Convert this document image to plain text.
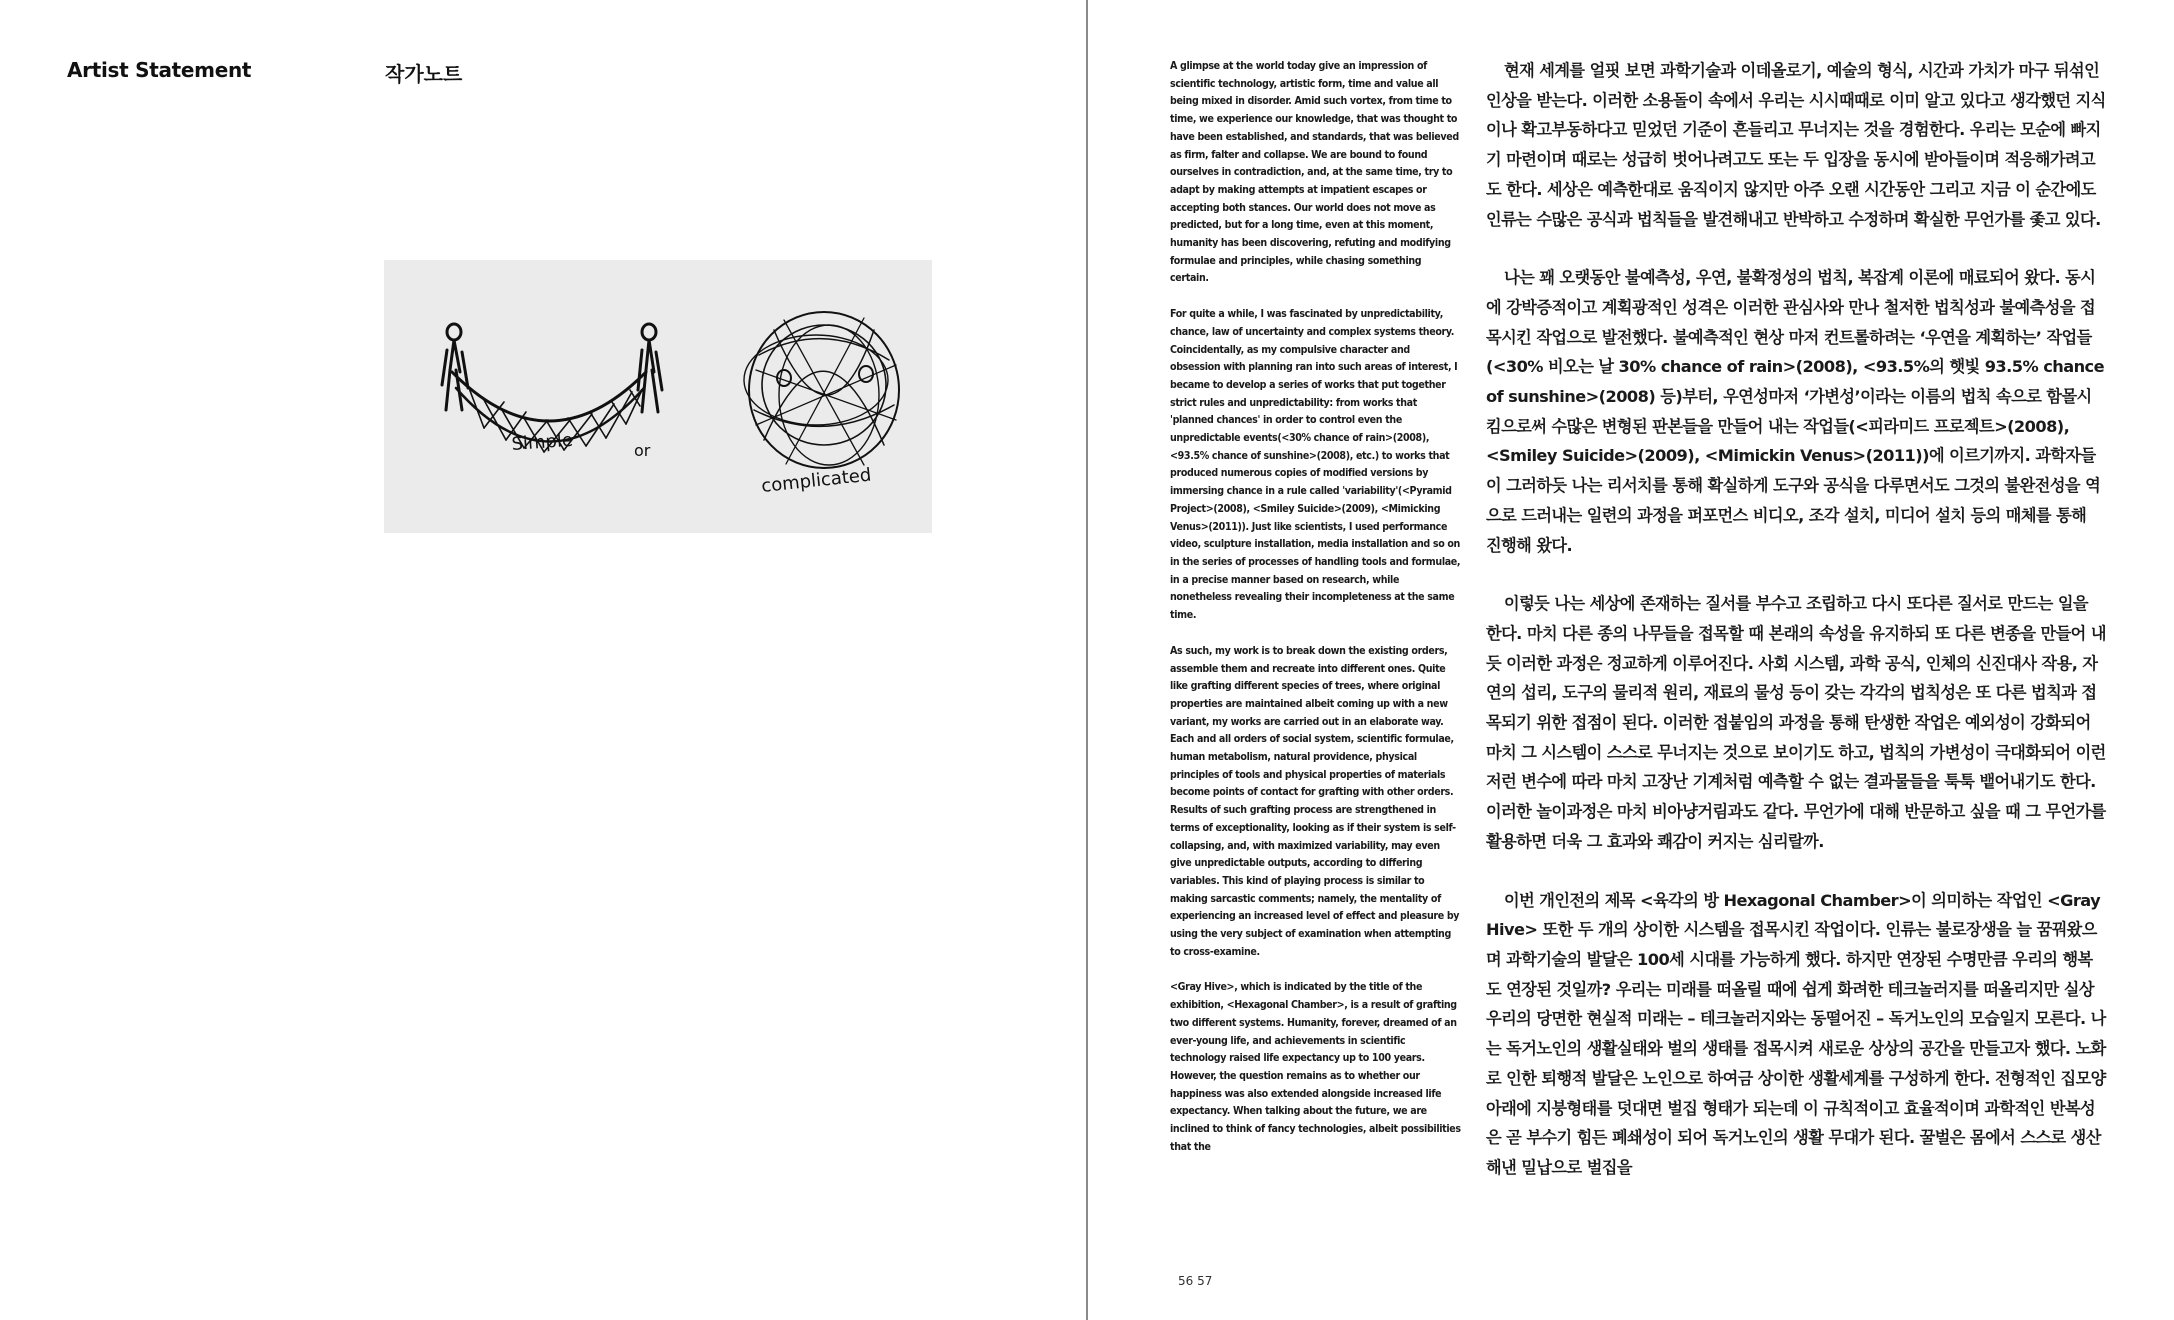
Artist Statement	작가노트
Simple	or
complicated

A glimpse at the world today give an impression of scientific technology, artistic form, time and value all being mixed in disorder. Amid such vortex, from time to time, we experience our knowledge, that was thought to have been established, and standards, that was believed as firm, falter and collapse. We are bound to found ourselves in contradiction, and, at the same time, try to adapt by making attempts at impatient escapes or accepting both stances. Our world does not move as predicted, but for a long time, even at this moment, humanity has been discovering, refuting and modifying formulae and principles, while chasing something certain.

For quite a while, I was fascinated by unpredictability, chance, law of uncertainty and complex systems theory. Coincidentally, as my compulsive character and obsession with planning ran into such areas of interest, I became to develop a series of works that put together strict rules and unpredictability: from works that 'planned chances' in order to control even the unpredictable events(<30% chance of rain>(2008), <93.5% chance of sunshine>(2008), etc.) to works that produced numerous copies of modified versions by immersing chance in a rule called 'variability'(<Pyramid Project>(2008), <Smiley Suicide>(2009), <Mimicking Venus>(2011)). Just like scientists, I used performance video, sculpture installation, media installation and so on in the series of processes of handling tools and formulae, in a precise manner based on research, while nonetheless revealing their incompleteness at the same time.

As such, my work is to break down the existing orders, assemble them and recreate into different ones. Quite like grafting different species of trees, where original properties are maintained albeit coming up with a new variant, my works are carried out in an elaborate way. Each and all orders of social system, scientific formulae, human metabolism, natural providence, physical principles of tools and physical properties of materials become points of contact for grafting with other orders. Results of such grafting process are strengthened in terms of exceptionality, looking as if their system is self-collapsing, and, with maximized variability, may even give unpredictable outputs, according to differing variables. This kind of playing process is similar to making sarcastic comments; namely, the mentality of experiencing an increased level of effect and pleasure by using the very subject of examination when attempting to cross-examine.

<Gray Hive>, which is indicated by the title of the exhibition, <Hexagonal Chamber>, is a result of grafting two different systems. Humanity, forever, dreamed of an ever-young life, and achievements in scientific technology raised life expectancy up to 100 years. However, the question remains as to whether our happiness was also extended alongside increased life expectancy. When talking about the future, we are inclined to think of fancy technologies, albeit possibilities that the

현재 세계를 얼핏 보면 과학기술과 이데올로기, 예술의 형식, 시간과 가치가 마구 뒤섞인 인상을 받는다. 이러한 소용돌이 속에서 우리는 시시때때로 이미 알고 있다고 생각했던 지식이나 확고부동하다고 믿었던 기준이 흔들리고 무너지는 것을 경험한다. 우리는 모순에 빠지기 마련이며 때로는 성급히 벗어나려고도 또는 두 입장을 동시에 받아들이며 적응해가려고도 한다. 세상은 예측한대로 움직이지 않지만 아주 오랜 시간동안 그리고 지금 이 순간에도 인류는 수많은 공식과 법칙들을 발견해내고 반박하고 수정하며 확실한 무언가를 좇고 있다.

나는 꽤 오랫동안 불예측성, 우연, 불확정성의 법칙, 복잡계 이론에 매료되어 왔다. 동시에 강박증적이고 계획광적인 성격은 이러한 관심사와 만나 철저한 법칙성과 불예측성을 접목시킨 작업으로 발전했다. 불예측적인 현상 마저 컨트롤하려는 ‘우연을 계획하는’ 작업들(<30% 비오는 날 30% chance of rain>(2008), <93.5%의 햇빛 93.5% chance of sunshine>(2008) 등)부터, 우연성마저 ‘가변성’이라는 이름의 법칙 속으로 함몰시킴으로써 수많은 변형된 판본들을 만들어 내는 작업들(<피라미드 프로젝트>(2008), <Smiley Suicide>(2009), <Mimickin Venus>(2011))에 이르기까지. 과학자들이 그러하듯 나는 리서치를 통해 확실하게 도구와 공식을 다루면서도 그것의 불완전성을 역으로 드러내는 일련의 과정을 퍼포먼스 비디오, 조각 설치, 미디어 설치 등의 매체를 통해 진행해 왔다.

이렇듯 나는 세상에 존재하는 질서를 부수고 조립하고 다시 또다른 질서로 만드는 일을 한다. 마치 다른 종의 나무들을 접목할 때 본래의 속성을 유지하되 또 다른 변종을 만들어 내듯 이러한 과정은 정교하게 이루어진다. 사회 시스템, 과학 공식, 인체의 신진대사 작용, 자연의 섭리, 도구의 물리적 원리, 재료의 물성 등이 갖는 각각의 법칙성은 또 다른 법칙과 접목되기 위한 접점이 된다. 이러한 접붙임의 과정을 통해 탄생한 작업은 예외성이 강화되어 마치 그 시스템이 스스로 무너지는 것으로 보이기도 하고, 법칙의 가변성이 극대화되어 이런저런 변수에 따라 마치 고장난 기계처럼 예측할 수 없는 결과물들을 툭툭 뱉어내기도 한다. 이러한 놀이과정은 마치 비아냥거림과도 같다. 무언가에 대해 반문하고 싶을 때 그 무언가를 활용하면 더욱 그 효과와 쾌감이 커지는 심리랄까.

이번 개인전의 제목 <육각의 방 Hexagonal Chamber>이 의미하는 작업인 <Gray Hive> 또한 두 개의 상이한 시스템을 접목시킨 작업이다. 인류는 불로장생을 늘 꿈꿔왔으며 과학기술의 발달은 100세 시대를 가능하게 했다. 하지만 연장된 수명만큼 우리의 행복도 연장된 것일까? 우리는 미래를 떠올릴 때에 쉽게 화려한 테크놀러지를 떠올리지만 실상 우리의 당면한 현실적 미래는 – 테크놀러지와는 동떨어진 – 독거노인의 모습일지 모른다. 나는 독거노인의 생활실태와 벌의 생태를 접목시켜 새로운 상상의 공간을 만들고자 했다. 노화로 인한 퇴행적 발달은 노인으로 하여금 상이한 생활세계를 구성하게 한다. 전형적인 집모양 아래에 지붕형태를 덧대면 벌집 형태가 되는데 이 규칙적이고 효율적이며 과학적인 반복성은 곧 부수기 힘든 폐쇄성이 되어 독거노인의 생활 무대가 된다. 꿀벌은 몸에서 스스로 생산해낸 밀납으로 벌집을

56 57
